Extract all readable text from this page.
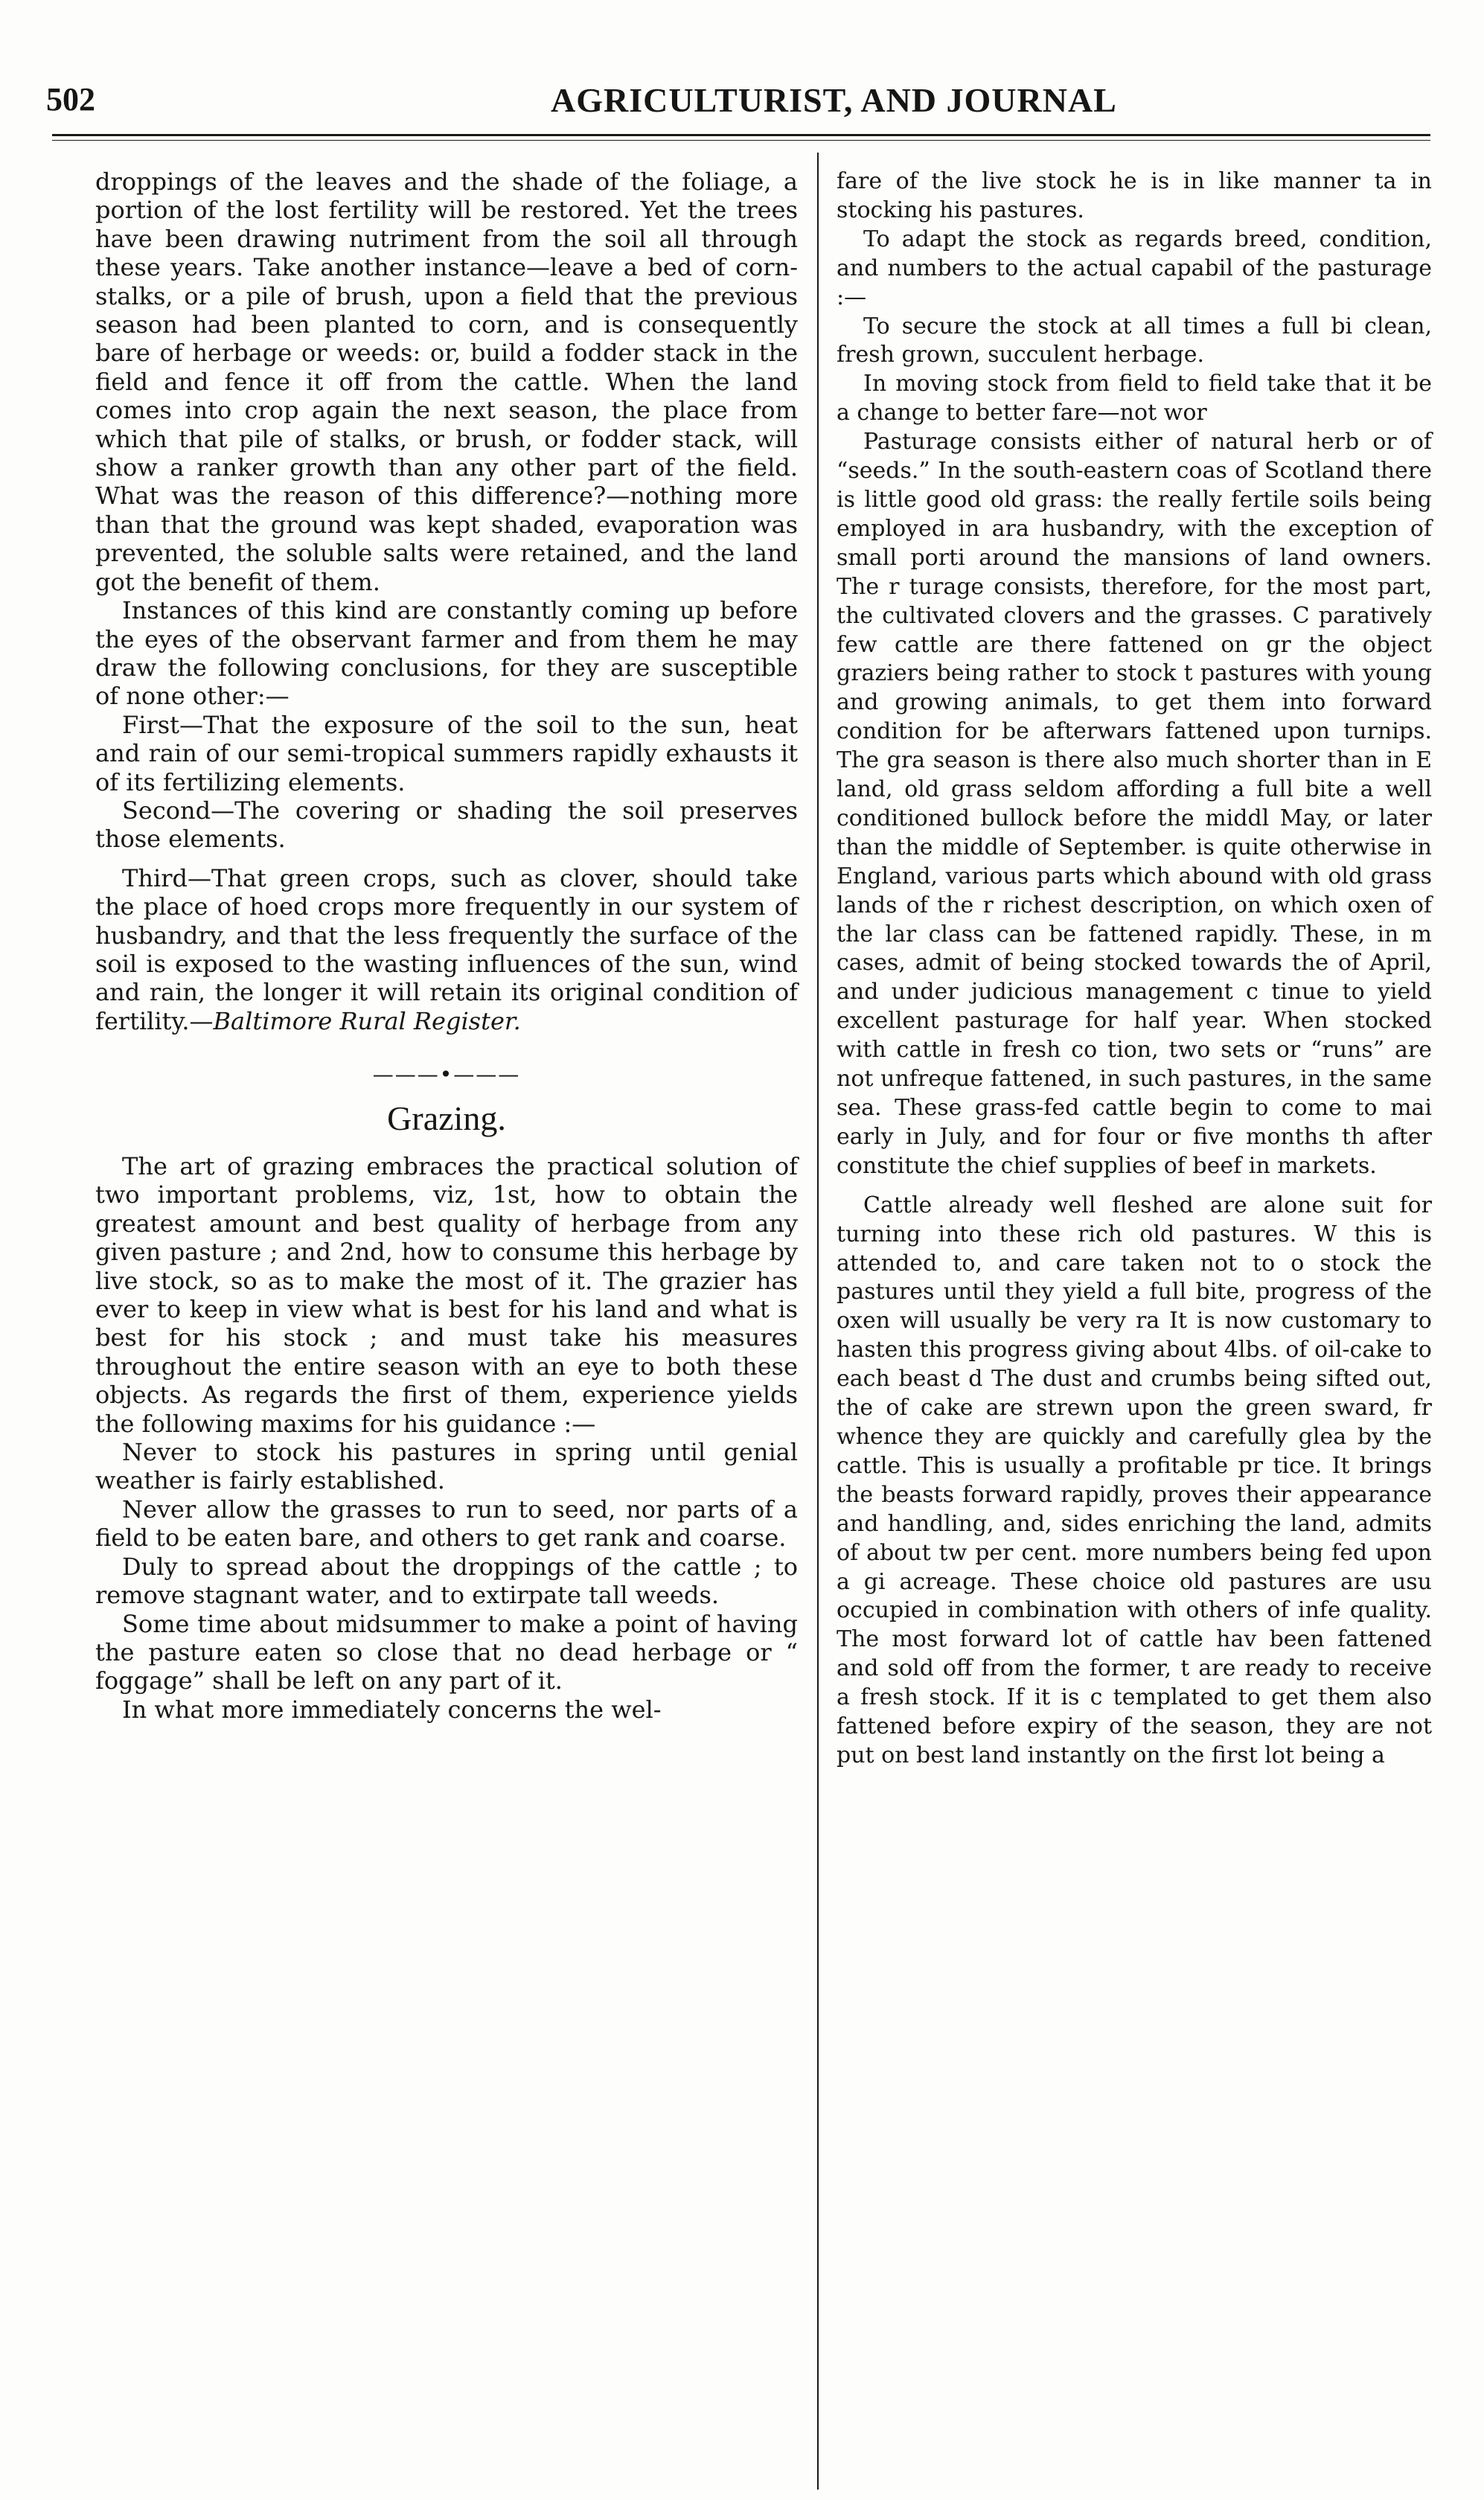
502	AGRICULTURIST, AND JOURNAL

droppings of the leaves and the shade of the foliage, a portion of the lost fertility will be restored. Yet the trees have been drawing nutriment from the soil all through these years. Take another instance—leave a bed of corn-stalks, or a pile of brush, upon a field that the previous season had been planted to corn, and is consequently bare of herbage or weeds: or, build a fodder stack in the field and fence it off from the cattle. When the land comes into crop again the next season, the place from which that pile of stalks, or brush, or fodder stack, will show a ranker growth than any other part of the field. What was the reason of this difference?—nothing more than that the ground was kept shaded, evaporation was prevented, the soluble salts were retained, and the land got the benefit of them.

Instances of this kind are constantly coming up before the eyes of the observant farmer and from them he may draw the following conclusions, for they are susceptible of none other:—

First—That the exposure of the soil to the sun, heat and rain of our semi-tropical summers rapidly exhausts it of its fertilizing elements.

Second—The covering or shading the soil preserves those elements.

Third—That green crops, such as clover, should take the place of hoed crops more frequently in our system of husbandry, and that the less frequently the surface of the soil is exposed to the wasting influences of the sun, wind and rain, the longer it will retain its original condition of fertility.—Baltimore Rural Register.

———•———
Grazing.

The art of grazing embraces the practical solution of two important problems, viz, 1st, how to obtain the greatest amount and best quality of herbage from any given pasture ; and 2nd, how to consume this herbage by live stock, so as to make the most of it. The grazier has ever to keep in view what is best for his land and what is best for his stock ; and must take his measures throughout the entire season with an eye to both these objects. As regards the first of them, experience yields the following maxims for his guidance :—

Never to stock his pastures in spring until genial weather is fairly established.

Never allow the grasses to run to seed, nor parts of a field to be eaten bare, and others to get rank and coarse.

Duly to spread about the droppings of the cattle ; to remove stagnant water, and to extirpate tall weeds.

Some time about midsummer to make a point of having the pasture eaten so close that no dead herbage or “ foggage” shall be left on any part of it.

In what more immediately concerns the wel-

fare of the live stock he is in like manner ta in stocking his pastures.

To adapt the stock as regards breed, condition, and numbers to the actual capabil of the pasturage :—

To secure the stock at all times a full bi clean, fresh grown, succulent herbage.

In moving stock from field to field take that it be a change to better fare—not wor

Pasturage consists either of natural herb or of “seeds.” In the south-eastern coas of Scotland there is little good old grass: the really fertile soils being employed in ara husbandry, with the exception of small porti around the mansions of land owners. The r turage consists, therefore, for the most part, the cultivated clovers and the grasses. C paratively few cattle are there fattened on gr the object graziers being rather to stock t pastures with young and growing animals, to get them into forward condition for be afterwars fattened upon turnips. The gra season is there also much shorter than in E land, old grass seldom affording a full bite a well conditioned bullock before the middl May, or later than the middle of September. is quite otherwise in England, various parts which abound with old grass lands of the r richest description, on which oxen of the lar class can be fattened rapidly. These, in m cases, admit of being stocked towards the of April, and under judicious management c tinue to yield excellent pasturage for half year. When stocked with cattle in fresh co tion, two sets or “runs” are not unfreque fattened, in such pastures, in the same sea. These grass-fed cattle begin to come to mai early in July, and for four or five months th after constitute the chief supplies of beef in markets.

Cattle already well fleshed are alone suit for turning into these rich old pastures. W this is attended to, and care taken not to o stock the pastures until they yield a full bite, progress of the oxen will usually be very ra It is now customary to hasten this progress giving about 4lbs. of oil-cake to each beast d The dust and crumbs being sifted out, the of cake are strewn upon the green sward, fr whence they are quickly and carefully glea by the cattle. This is usually a profitable pr tice. It brings the beasts forward rapidly, proves their appearance and handling, and, sides enriching the land, admits of about tw per cent. more numbers being fed upon a gi acreage. These choice old pastures are usu occupied in combination with others of infe quality. The most forward lot of cattle hav been fattened and sold off from the former, t are ready to receive a fresh stock. If it is c templated to get them also fattened before expiry of the season, they are not put on best land instantly on the first lot being a
